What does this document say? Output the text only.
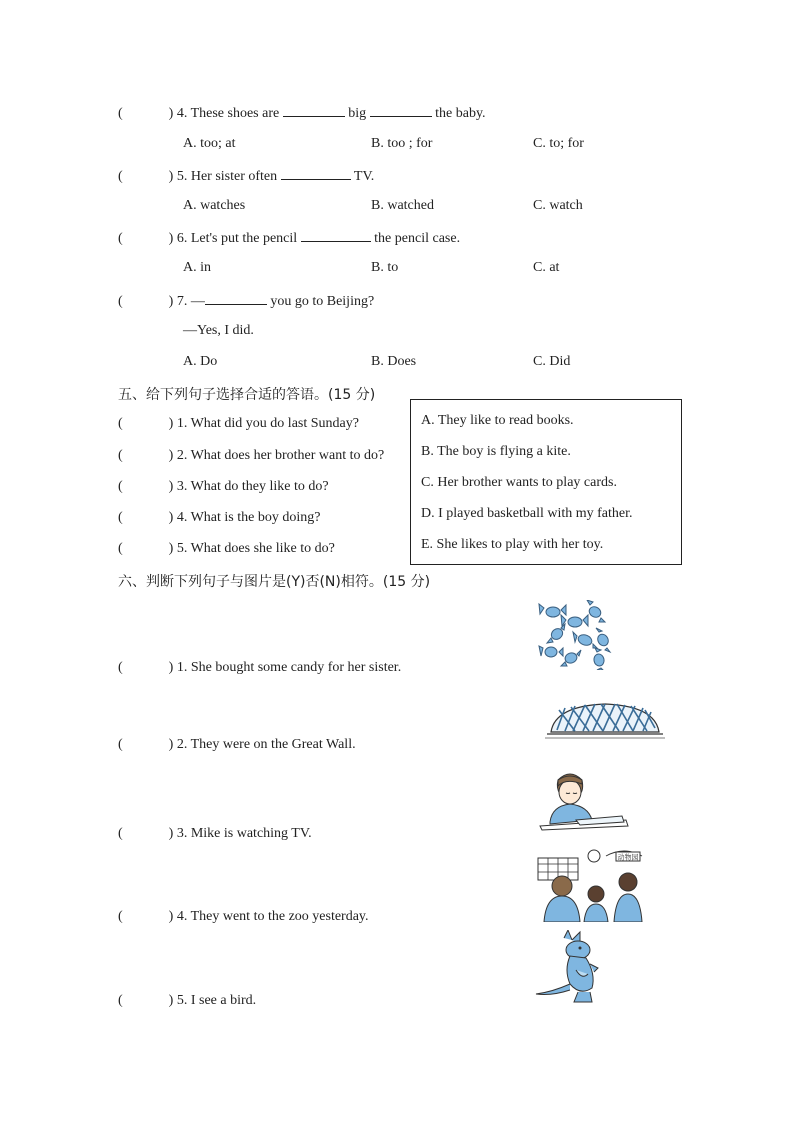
(	) 4. These shoes are	big	the baby.
A. too; at	B. too ; for	C. to; for
(	) 5. Her sister often	TV.
A. watches	B. watched	C. watch
(	) 6. Let's put the pencil	the pencil case.
A. in	B. to	C. at
(	) 7. —	you go to Beijing?
—Yes, I did.
A. Do	B. Does	C. Did
五、给下列句子选择合适的答语。(15 分)
(	) 1. What did you do last Sunday?
(	) 2. What does her brother want to do?
(	) 3. What do they like to do?
(	) 4. What is the boy doing?
(	) 5. What does she like to do?
A. They like to read books.
B. The boy is flying a kite.
C. Her brother wants to play cards.
D. I played basketball with my father.
E. She likes to play with her toy.
六、判断下列句子与图片是(Y)否(N)相符。(15 分)
(	) 1. She bought some candy for her sister.
(	) 2. They were on the Great Wall.
(	) 3. Mike is watching TV.
(	) 4. They went to the zoo yesterday.
(	) 5. I see a bird.
动物园
